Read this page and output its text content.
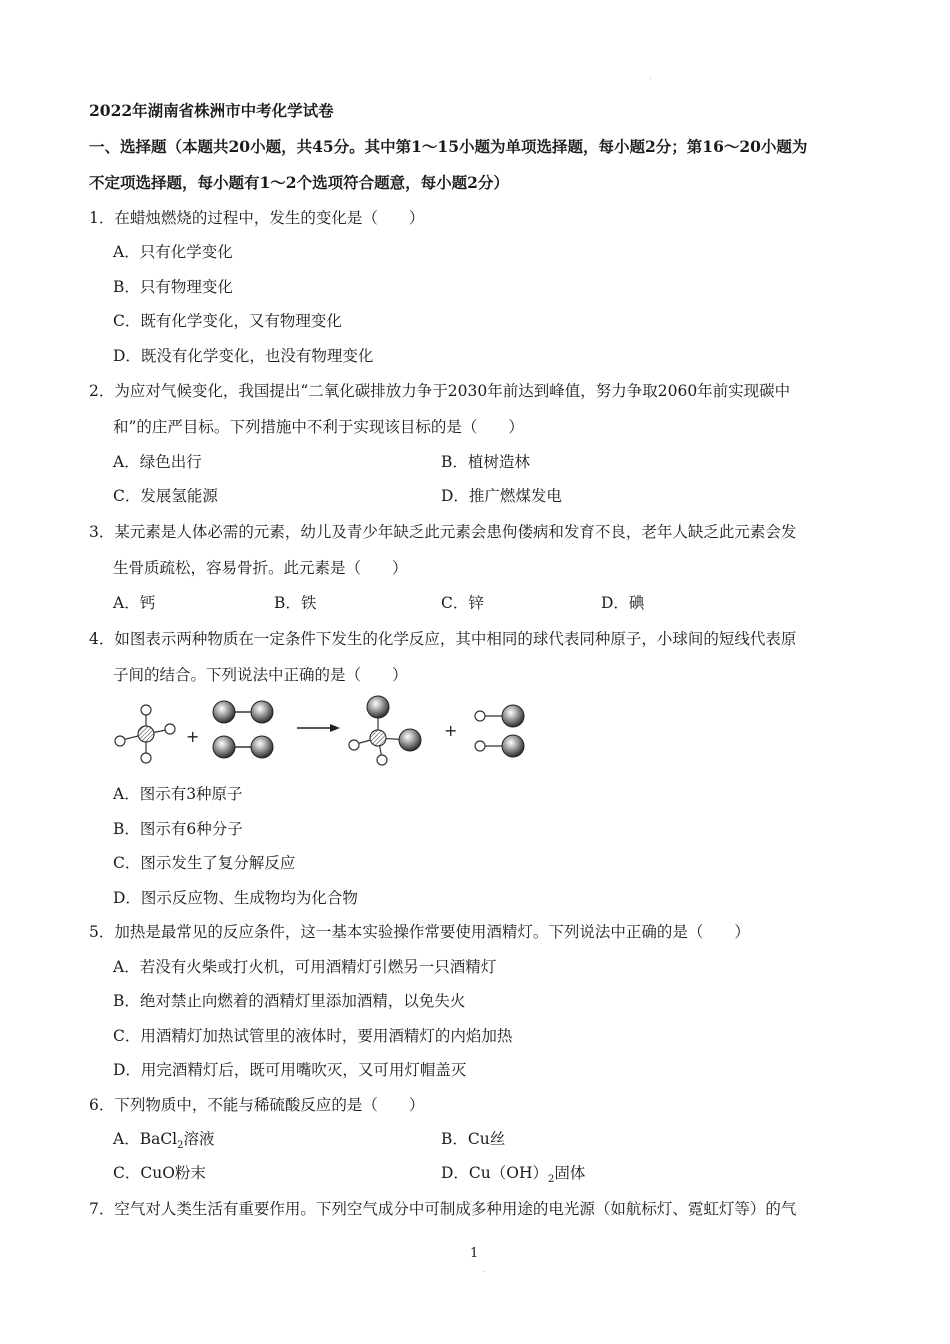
2022年湖南省株洲市中考化学试卷
一、选择题（本题共20小题，共45分。其中第1～15小题为单项选择题，每小题2分；第16～20小题为
不定项选择题，每小题有1～2个选项符合题意，每小题2分）
1．在蜡烛燃烧的过程中，发生的变化是（　　）
A．只有化学变化
B．只有物理变化
C．既有化学变化，又有物理变化
D．既没有化学变化，也没有物理变化
2．为应对气候变化，我国提出“二氧化碳排放力争于2030年前达到峰值，努力争取2060年前实现碳中
和”的庄严目标。下列措施中不利于实现该目标的是（　　）
A．绿色出行	B．植树造林
C．发展氢能源	D．推广燃煤发电
3．某元素是人体必需的元素，幼儿及青少年缺乏此元素会患佝偻病和发育不良，老年人缺乏此元素会发
生骨质疏松，容易骨折。此元素是（　　）
A．钙	B．铁	C．锌	D．碘
4．如图表示两种物质在一定条件下发生的化学反应，其中相同的球代表同种原子，小球间的短线代表原
子间的结合。下列说法中正确的是（　　）
+	+
A．图示有3种原子
B．图示有6种分子
C．图示发生了复分解反应
D．图示反应物、生成物均为化合物
5．加热是最常见的反应条件，这一基本实验操作常要使用酒精灯。下列说法中正确的是（　　）
A．若没有火柴或打火机，可用酒精灯引燃另一只酒精灯
B．绝对禁止向燃着的酒精灯里添加酒精，以免失火
C．用酒精灯加热试管里的液体时，要用酒精灯的内焰加热
D．用完酒精灯后，既可用嘴吹灭，又可用灯帽盖灭
6．下列物质中，不能与稀硫酸反应的是（　　）
A．BaCl$_2$溶液	B．Cu丝
C．CuO粉末	D．$Cu(OH)_2$固体
7．空气对人类生活有重要作用。下列空气成分中可制成多种用途的电光源（如航标灯、霓虹灯等）的气
1
